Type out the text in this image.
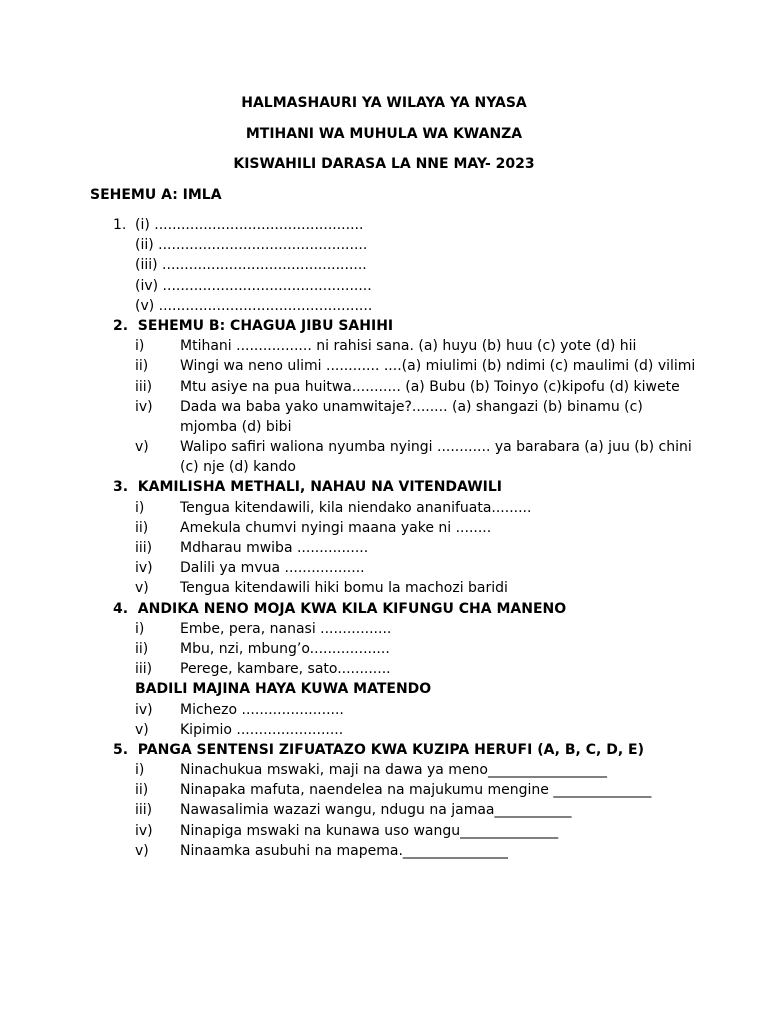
HALMASHAURI YA WILAYA YA NYASA
MTIHANI WA MUHULA WA KWANZA
KISWAHILI DARASA LA NNE MAY- 2023
SEHEMU A: IMLA
1. (i) ...............................................
(ii) ...............................................
(iii) ..............................................
(iv) ...............................................
(v) ................................................
2.  SEHEMU B: CHAGUA JIBU SAHIHI
i)	Mtihani ................. ni rahisi sana. (a) huyu (b) huu (c) yote (d) hii
ii) Wingi wa neno ulimi ............ ....(a) miulimi (b) ndimi (c) maulimi (d) vilimi
iii) Mtu asiye na pua huitwa........... (a) Bubu (b) Toinyo (c)kipofu (d) kiwete
iv) Dada wa baba yako unamwitaje?........ (a) shangazi (b) binamu (c)
mjomba (d) bibi
v) Walipo safiri waliona nyumba nyingi ............ ya barabara (a) juu (b) chini
(c) nje (d) kando
3.  KAMILISHA METHALI, NAHAU NA VITENDAWILI
i)	Tengua kitendawili, kila niendako ananifuata.........
ii) Amekula chumvi nyingi maana yake ni ........
iii) Mdharau mwiba ................
iv) Dalili ya mvua ..................
v) Tengua kitendawili hiki bomu la machozi baridi
4.  ANDIKA NENO MOJA KWA KILA KIFUNGU CHA MANENO
i)	Embe, pera, nanasi ................
ii) Mbu, nzi, mbung’o..................
iii) Perege, kambare, sato............
BADILI MAJINA HAYA KUWA MATENDO
iv) Michezo .......................
v) Kipimio ........................
5.  PANGA SENTENSI ZIFUATAZO KWA KUZIPA HERUFI (A, B, C, D, E)
i)	Ninachukua mswaki, maji na dawa ya meno_________________
ii) Ninapaka mafuta, naendelea na majukumu mengine ______________
iii) Nawasalimia wazazi wangu, ndugu na jamaa___________
iv) Ninapiga mswaki na kunawa uso wangu______________
v) Ninaamka asubuhi na mapema._______________
